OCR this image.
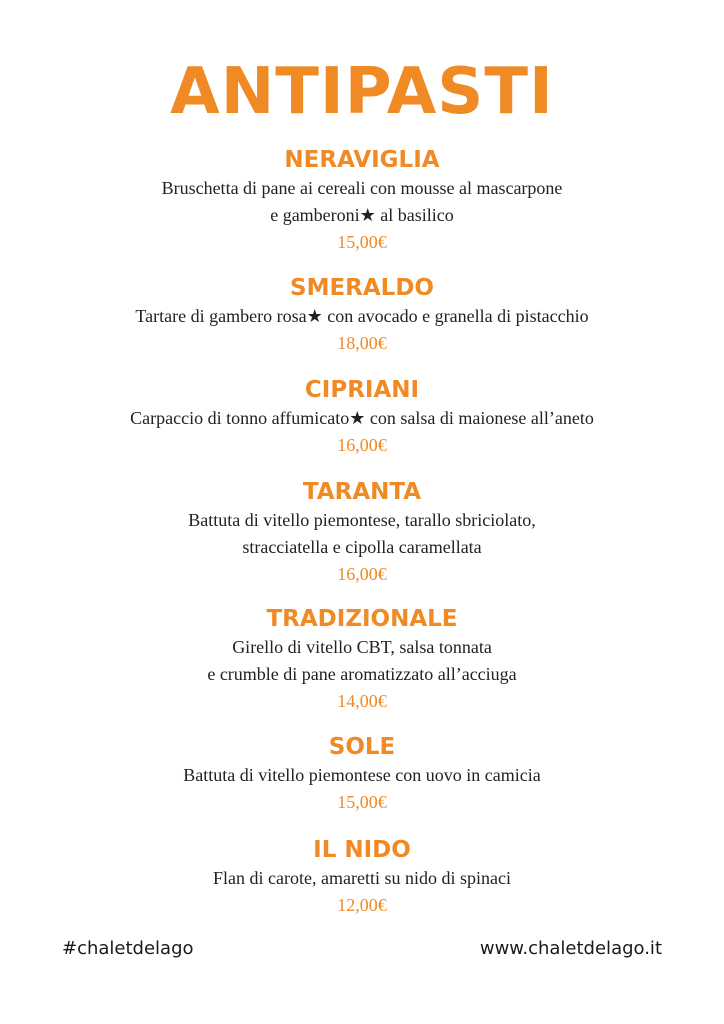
ANTIPASTI
NERAVIGLIA
Bruschetta di pane ai cereali con mousse al mascarpone
e gamberoni★ al basilico
15,00€
SMERALDO
Tartare di gambero rosa★ con avocado e granella di pistacchio
18,00€
CIPRIANI
Carpaccio di tonno affumicato★ con salsa di maionese all’aneto
16,00€
TARANTA
Battuta di vitello piemontese, tarallo sbriciolato,
stracciatella e cipolla caramellata
16,00€
TRADIZIONALE
Girello di vitello CBT, salsa tonnata
e crumble di pane aromatizzato all’acciuga
14,00€
SOLE
Battuta di vitello piemontese con uovo in camicia
15,00€
IL NIDO
Flan di carote, amaretti su nido di spinaci
12,00€
#chaletdelago	www.chaletdelago.it
